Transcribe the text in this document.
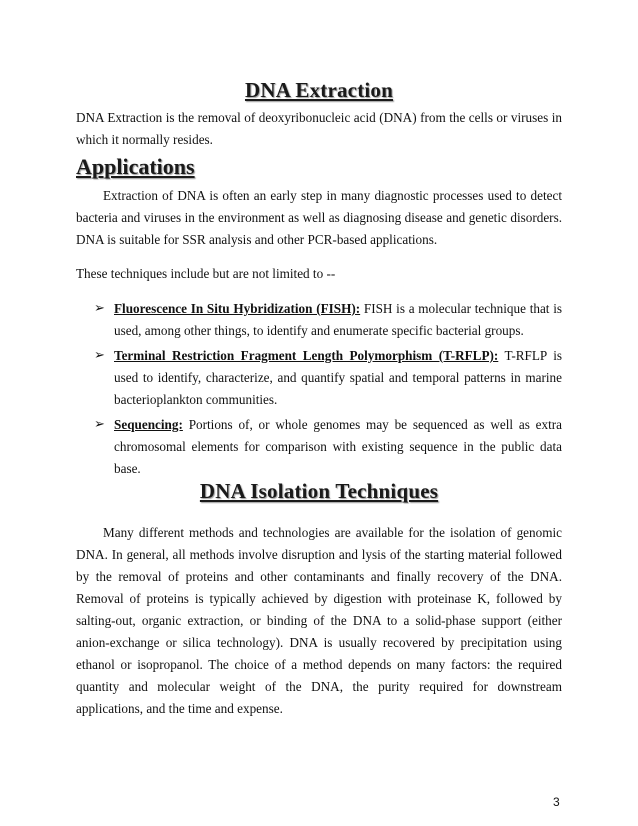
DNA Extraction

DNA Extraction is the removal of deoxyribonucleic acid (DNA) from the cells or viruses in which it normally resides.

Applications

Extraction of DNA is often an early step in many diagnostic processes used to detect bacteria and viruses in the environment as well as diagnosing disease and genetic disorders. DNA is suitable for SSR analysis and other PCR-based applications.

These techniques include but are not limited to --

➢ Fluorescence In Situ Hybridization (FISH): FISH is a molecular technique that is used, among other things, to identify and enumerate specific bacterial groups.
➢ Terminal Restriction Fragment Length Polymorphism (T-RFLP): T-RFLP is used to identify, characterize, and quantify spatial and temporal patterns in marine bacterioplankton communities.
➢ Sequencing: Portions of, or whole genomes may be sequenced as well as extra chromosomal elements for comparison with existing sequence in the public data base.
DNA Isolation Techniques

Many different methods and technologies are available for the isolation of genomic DNA. In general, all methods involve disruption and lysis of the starting material followed by the removal of proteins and other contaminants and finally recovery of the DNA. Removal of proteins is typically achieved by digestion with proteinase K, followed by salting-out, organic extraction, or binding of the DNA to a solid-phase support (either anion-exchange or silica technology). DNA is usually recovered by precipitation using ethanol or isopropanol. The choice of a method depends on many factors: the required quantity and molecular weight of the DNA, the purity required for downstream applications, and the time and expense.

3
